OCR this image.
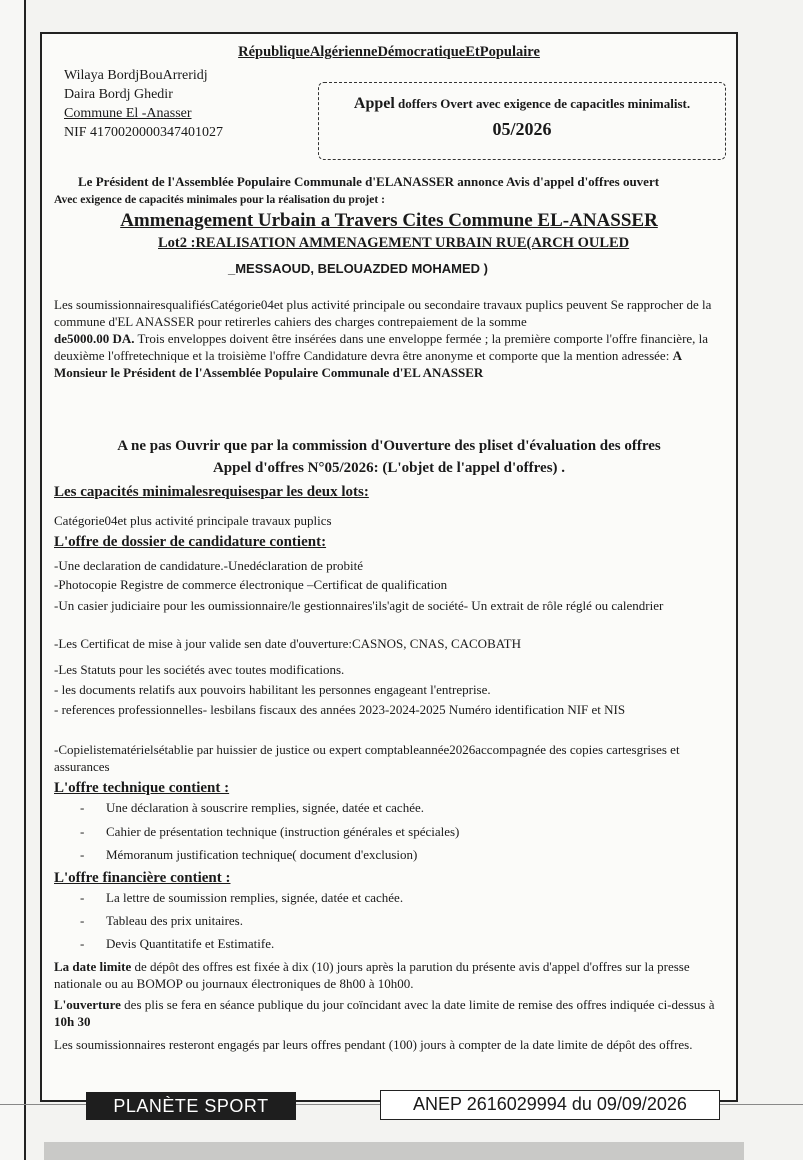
RépubliqueAlgérienneDémocratiqueEtPopulaire
Wilaya BordjBouArreridj
Daira Bordj Ghedir
Commune El -Anasser
NIF 4170020000347401027
Appel doffers Overt avec exigence de capacitles minimalist.
05/2026
Le Président de l'Assemblée Populaire Communale d'ELANASSER annonce Avis d'appel d'offres ouvert
Avec exigence de capacités minimales pour la réalisation du projet :
Ammenagement Urbain a Travers Cites Commune EL-ANASSER
Lot2 :REALISATION AMMENAGEMENT URBAIN RUE(ARCH OULED
_MESSAOUD, BELOUAZDED MOHAMED )

Les soumissionnairesqualifiésCatégorie04et plus activité principale ou secondaire travaux puplics peuvent Se rapprocher de la commune d'EL ANASSER pour retirerles cahiers des charges contrepaiement de la somme
de5000.00 DA. Trois enveloppes doivent être insérées dans une enveloppe fermée ; la première comporte l'offre financière, la deuxième l'offretechnique et la troisième l'offre Candidature devra être anonyme et comporte que la mention adressée: A Monsieur le Président de l'Assemblée Populaire Communale d'EL ANASSER

A ne pas Ouvrir que par la commission d'Ouverture des pliset d'évaluation des offres
Appel d'offres N°05/2026: (L'objet de l'appel d'offres) .
Les capacités minimalesrequisespar les deux lots:
Catégorie04et plus activité principale travaux puplics
L'offre de dossier de candidature contient:
-Une declaration de candidature.-Unedéclaration de probité
-Photocopie Registre de commerce électronique –Certificat de qualification
-Un casier judiciaire pour les oumissionnaire/le gestionnaires'ils'agit de société- Un extrait de rôle réglé ou calendrier
-Les Certificat de mise à jour valide sen date d'ouverture:CASNOS, CNAS, CACOBATH
-Les Statuts pour les sociétés avec toutes modifications.
- les documents relatifs aux pouvoirs habilitant les personnes engageant l'entreprise.
- references professionnelles- lesbilans fiscaux des années 2023-2024-2025 Numéro identification NIF et NIS
-Copielistematérielsétablie par huissier de justice ou expert comptableannée2026accompagnée des copies cartesgrises et assurances
L'offre technique contient :
- Une déclaration à souscrire remplies, signée, datée et cachée.
- Cahier de présentation technique (instruction générales et spéciales)
- Mémoranum justification technique( document d'exclusion)
L'offre financière contient :
- La lettre de soumission remplies, signée, datée et cachée.
- Tableau des prix unitaires.
- Devis Quantitatife et Estimatife.
La date limite de dépôt des offres est fixée à dix (10) jours après la parution du présente avis d'appel d'offres sur la presse nationale ou au BOMOP ou journaux électroniques de 8h00 à 10h00.
L'ouverture des plis se fera en séance publique du jour coïncidant avec la date limite de remise des offres indiquée ci-dessus à 10h 30
Les soumissionnaires resteront engagés par leurs offres pendant (100) jours à compter de la date limite de dépôt des offres.
PLANÈTE SPORT	ANEP 2616029994 du 09/09/2026
